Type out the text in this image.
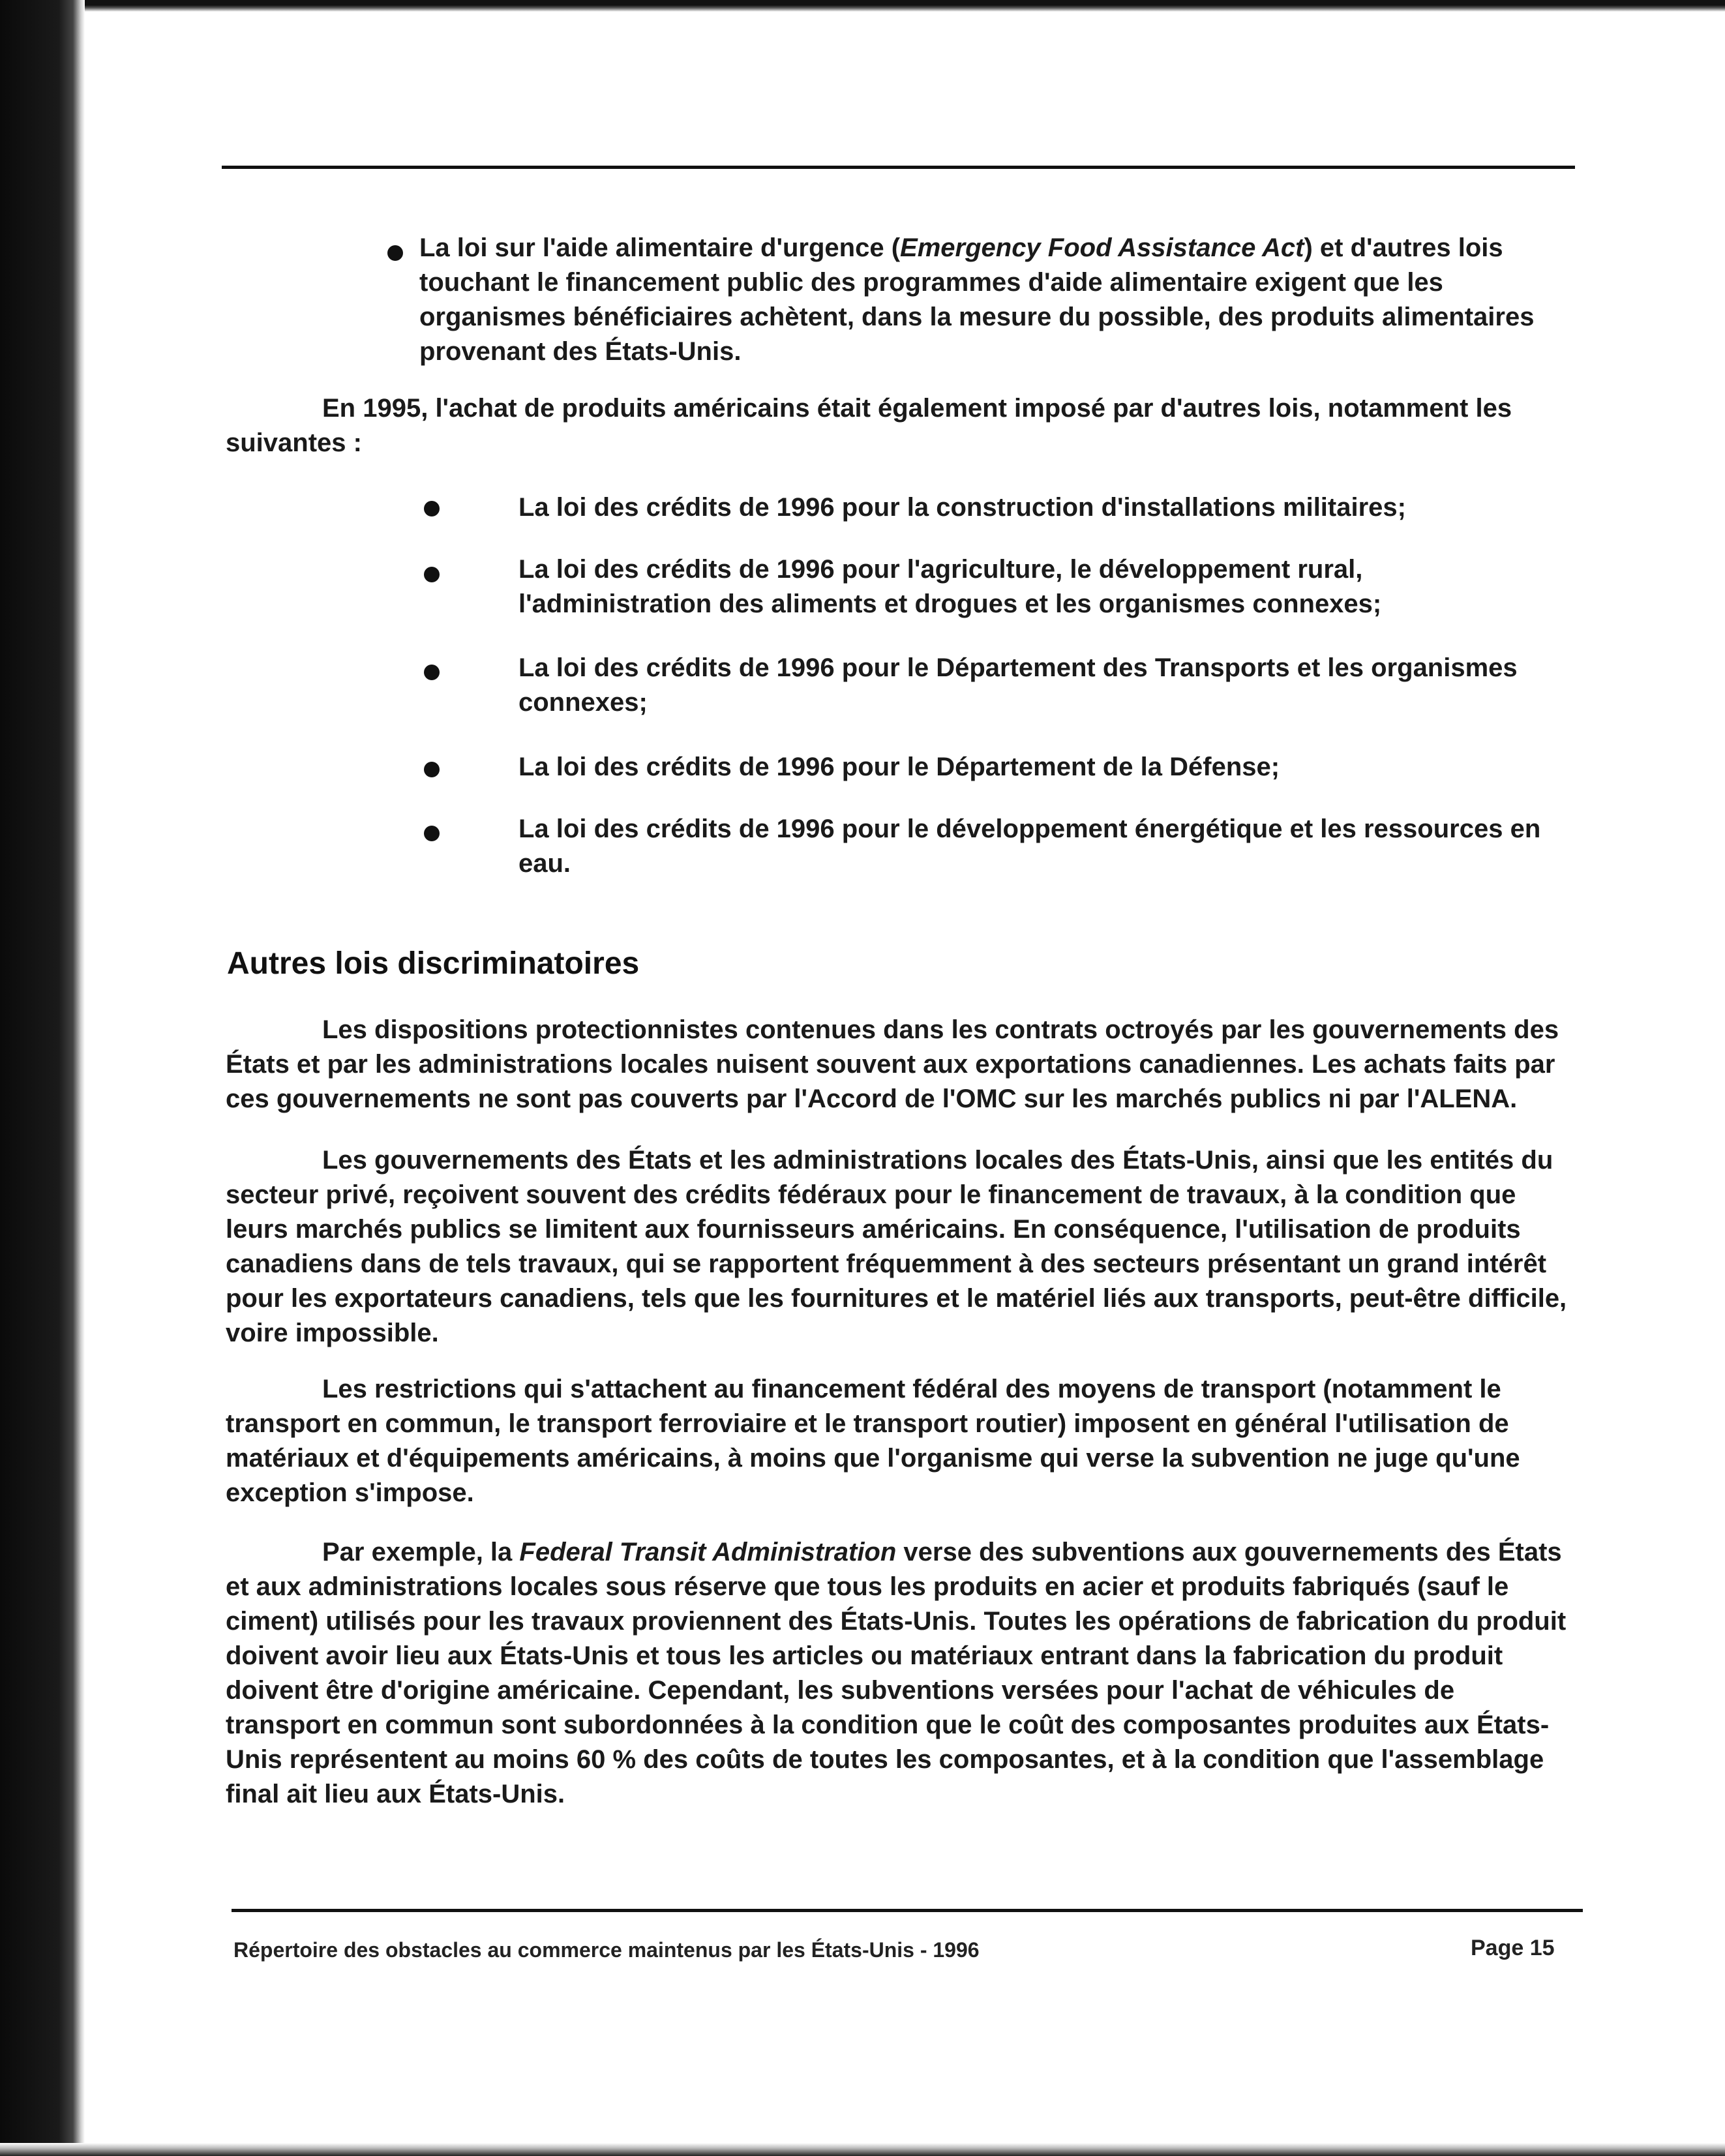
La loi sur l'aide alimentaire d'urgence (Emergency Food Assistance Act) et d'autres lois touchant le financement public des programmes d'aide alimentaire exigent que les organismes bénéficiaires achètent, dans la mesure du possible, des produits alimentaires provenant des États-Unis.
En 1995, l'achat de produits américains était également imposé par d'autres lois, notamment les suivantes :
La loi des crédits de 1996 pour la construction d'installations militaires;
La loi des crédits de 1996 pour l'agriculture, le développement rural, l'administration des aliments et drogues et les organismes connexes;
La loi des crédits de 1996 pour le Département des Transports et les organismes connexes;
La loi des crédits de 1996 pour le Département de la Défense;
La loi des crédits de 1996 pour le développement énergétique et les ressources en eau.
Autres lois discriminatoires
Les dispositions protectionnistes contenues dans les contrats octroyés par les gouvernements des États et par les administrations locales nuisent souvent aux exportations canadiennes. Les achats faits par ces gouvernements ne sont pas couverts par l'Accord de l'OMC sur les marchés publics ni par l'ALENA.
Les gouvernements des États et les administrations locales des États-Unis, ainsi que les entités du secteur privé, reçoivent souvent des crédits fédéraux pour le financement de travaux, à la condition que leurs marchés publics se limitent aux fournisseurs américains. En conséquence, l'utilisation de produits canadiens dans de tels travaux, qui se rapportent fréquemment à des secteurs présentant un grand intérêt pour les exportateurs canadiens, tels que les fournitures et le matériel liés aux transports, peut-être difficile, voire impossible.
Les restrictions qui s'attachent au financement fédéral des moyens de transport (notamment le transport en commun, le transport ferroviaire et le transport routier) imposent en général l'utilisation de matériaux et d'équipements américains, à moins que l'organisme qui verse la subvention ne juge qu'une exception s'impose.
Par exemple, la Federal Transit Administration verse des subventions aux gouvernements des États et aux administrations locales sous réserve que tous les produits en acier et produits fabriqués (sauf le ciment) utilisés pour les travaux proviennent des États-Unis. Toutes les opérations de fabrication du produit doivent avoir lieu aux États-Unis et tous les articles ou matériaux entrant dans la fabrication du produit doivent être d'origine américaine. Cependant, les subventions versées pour l'achat de véhicules de transport en commun sont subordonnées à la condition que le coût des composantes produites aux États-Unis représentent au moins 60 % des coûts de toutes les composantes, et à la condition que l'assemblage final ait lieu aux États-Unis.
Répertoire des obstacles au commerce maintenus par les États-Unis - 1996	Page 15
